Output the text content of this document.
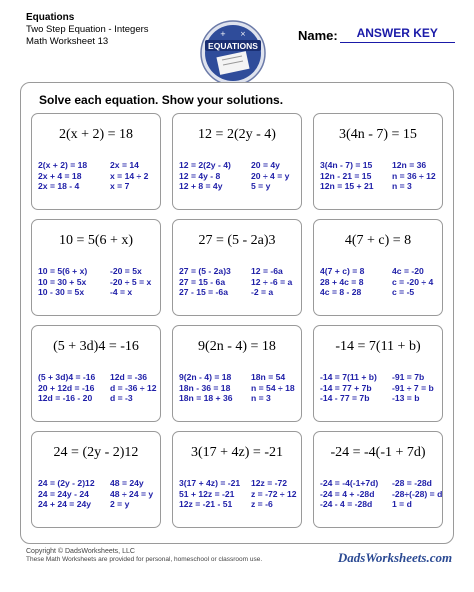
Equations
Two Step Equation - Integers
Math Worksheet 13	EQUATIONS
+ ×	Name:	ANSWER KEY
Solve each equation. Show your solutions.
2(x + 2) = 18
2(x + 2) = 18
2x + 4 = 18
2x = 18 - 4
2x = 14
x = 14 ÷ 2
x = 7
12 = 2(2y - 4)
12 = 2(2y - 4)
12 = 4y - 8
12 + 8 = 4y
20 = 4y
20 ÷ 4 = y
5 = y
3(4n - 7) = 15
3(4n - 7) = 15
12n - 21 = 15
12n = 15 + 21
12n = 36
n = 36 ÷ 12
n = 3
10 = 5(6 + x)
10 = 5(6 + x)
10 = 30 + 5x
10 - 30 = 5x
-20 = 5x
-20 ÷ 5 = x
-4 = x
27 = (5 - 2a)3
27 = (5 - 2a)3
27 = 15 - 6a
27 - 15 = -6a
12 = -6a
12 ÷ -6 = a
-2 = a
4(7 + c) = 8
4(7 + c) = 8
28 + 4c = 8
4c = 8 - 28
4c = -20
c = -20 ÷ 4
c = -5
(5 + 3d)4 = -16
(5 + 3d)4 = -16
20 + 12d = -16
12d = -16 - 20
12d = -36
d = -36 ÷ 12
d = -3
9(2n - 4) = 18
9(2n - 4) = 18
18n - 36 = 18
18n = 18 + 36
18n = 54
n = 54 ÷ 18
n = 3
-14 = 7(11 + b)
-14 = 7(11 + b)
-14 = 77 + 7b
-14 - 77 = 7b
-91 = 7b
-91 ÷ 7 = b
-13 = b
24 = (2y - 2)12
24 = (2y - 2)12
24 = 24y - 24
24 + 24 = 24y
48 = 24y
48 ÷ 24 = y
2 = y
3(17 + 4z) = -21
3(17 + 4z) = -21
51 + 12z = -21
12z = -21 - 51
12z = -72
z = -72 ÷ 12
z = -6
-24 = -4(-1 + 7d)
-24 = -4(-1+7d)
-24 = 4 + -28d
-24 - 4 = -28d
-28 = -28d
-28÷(-28) = d
1 = d
Copyright © DadsWorksheets, LLC
These Math Worksheets are provided for personal, homeschool or classroom use.	DadsWorksheets.com
